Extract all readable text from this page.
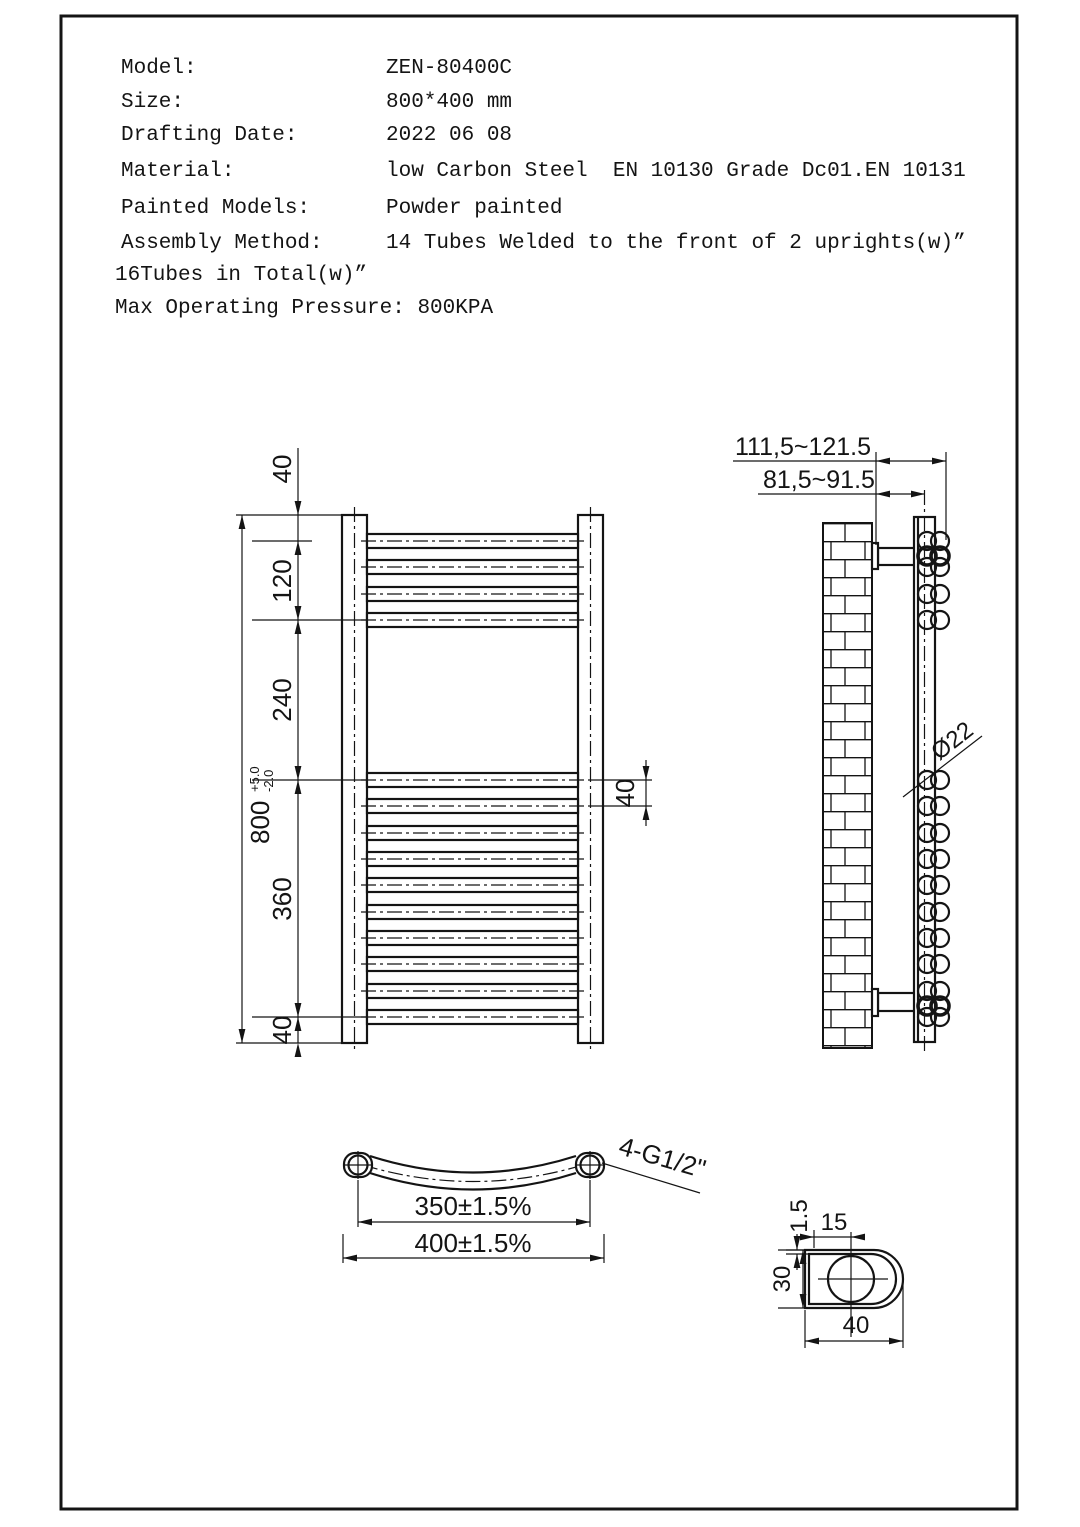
Model:	ZEN-80400C
Size:	800*400 mm
Drafting Date:	2022 06 08
Material:	low Carbon Steel  EN 10130 Grade Dc01.EN 10131
Painted Models:	Powder painted
Assembly Method:	14 Tubes Welded to the front of 2 uprights(w)”
16Tubes in Total(w)”
Max Operating Pressure: 800KPA
40
120
240
360
40
40
800       +5.0       -2.0
111,5~121.5
81,5~91.5
Ø22
4-G1/2"
350±1.5%
400±1.5%
1.5 15
30
40
